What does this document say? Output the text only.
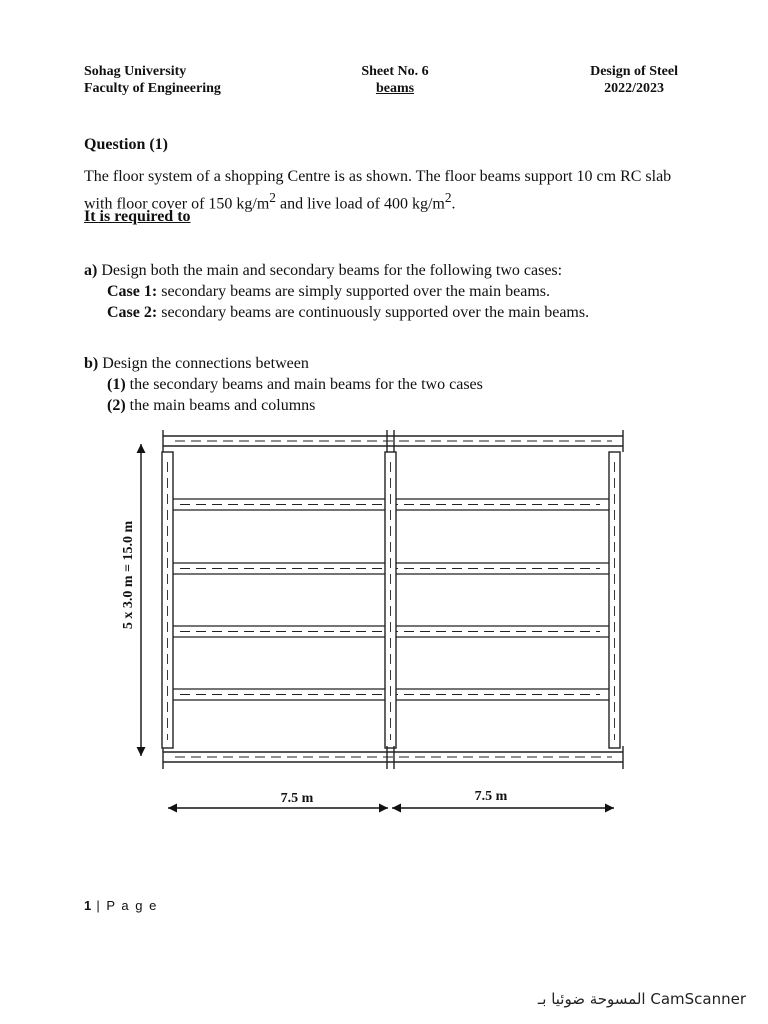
Sohag University
Faculty of Engineering
Sheet No. 6
beams
Design of Steel
2022/2023
Question (1)
The floor system of a shopping Centre is as shown. The floor beams support 10 cm RC slab with floor cover of 150 $kg/m^2$ and live load of 400 $kg/m^2$.
It is required to
a) Design both the main and secondary beams for the following two cases:
Case 1: secondary beams are simply supported over the main beams.
Case 2: secondary beams are continuously supported over the main beams.
b) Design the connections between
(1) the secondary beams and main beams for the two cases
(2) the main beams and columns
5 x 3.0 m = 15.0 m
7.5 m	7.5 m
1 | P a g e
المسوحة ضوئيا بـ CamScanner
